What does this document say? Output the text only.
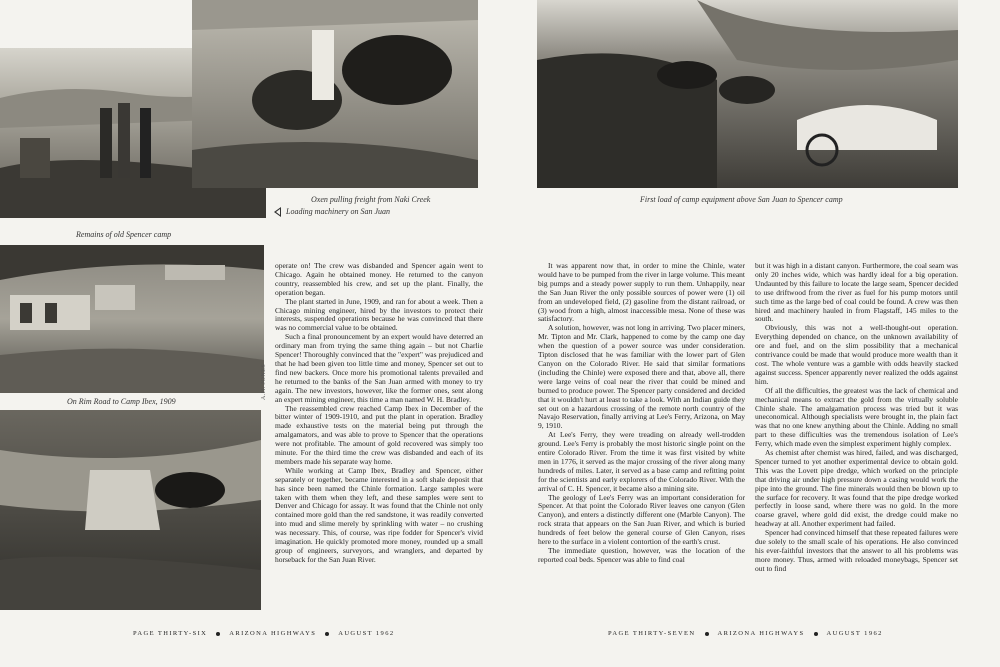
Remains of old Spencer camp
Oxen pulling freight from Naki Creek
Loading machinery on San Juan
First load of camp equipment above San Juan to Spencer camp
On Rim Road to Camp Ibex, 1909
A.H. JONES

operate on! The crew was disbanded and Spencer again went to Chicago. Again he obtained money. He returned to the canyon country, reassembled his crew, and set up the plant. Finally, the operation began.

The plant started in June, 1909, and ran for about a week. Then a Chicago mining engineer, hired by the investors to protect their interests, suspended operations because he was convinced that there was no commercial value to be obtained.

Such a final pronouncement by an expert would have deterred an ordinary man from trying the same thing again – but not Charlie Spencer! Thoroughly convinced that the "expert" was prejudiced and that he had been given too little time and money, Spencer set out to find new backers. Once more his promotional talents prevailed and he returned to the banks of the San Juan armed with money to try again. The new investors, however, like the former ones, sent along an expert mining engineer, this time a man named W. H. Bradley.

The reassembled crew reached Camp Ibex in December of the bitter winter of 1909-1910, and put the plant in operation. Bradley made exhaustive tests on the material being put through the amalgamators, and was able to prove to Spencer that the operations were not profitable. The amount of gold recovered was simply too minute. For the third time the crew was disbanded and each of its members made his separate way home.

While working at Camp Ibex, Bradley and Spencer, either separately or together, became interested in a soft shale deposit that has since been named the Chinle formation. Large samples were taken with them when they left, and these samples were sent to Denver and Chicago for assay. It was found that the Chinle not only contained more gold than the red sandstone, it was readily converted into mud and slime merely by sprinkling with water – no crushing was necessary. This, of course, was ripe fodder for Spencer's vivid imagination. He quickly promoted more money, rounded up a small group of engineers, surveyors, and wranglers, and departed by horseback for the San Juan River.

It was apparent now that, in order to mine the Chinle, water would have to be pumped from the river in large volume. This meant big pumps and a steady power supply to run them. Unhappily, near the San Juan River the only possible sources of power were (1) oil from an undeveloped field, (2) gasoline from the distant railroad, or (3) wood from a high, almost inaccessible mesa. None of these was satisfactory.

A solution, however, was not long in arriving. Two placer miners, Mr. Tipton and Mr. Clark, happened to come by the camp one day when the question of a power source was under consideration. Tipton disclosed that he was familiar with the lower part of Glen Canyon on the Colorado River. He said that similar formations (including the Chinle) were exposed there and that, above all, there were large veins of coal near the river that could be mined and burned to produce power. The Spencer party considered and decided that it wouldn't hurt at least to take a look. With an Indian guide they set out on a hazardous crossing of the remote north country of the Navajo Reservation, finally arriving at Lee's Ferry, Arizona, on May 9, 1910.

At Lee's Ferry, they were treading on already well-trodden ground. Lee's Ferry is probably the most historic single point on the entire Colorado River. From the time it was first visited by white men in 1776, it served as the major crossing of the river along many hundreds of miles. Later, it served as a base camp and refitting point for the scientists and early explorers of the Colorado River. With the arrival of C. H. Spencer, it became also a mining site.

The geology of Lee's Ferry was an important consideration for Spencer. At that point the Colorado River leaves one canyon (Glen Canyon), and enters a distinctly different one (Marble Canyon). The rock strata that appears on the San Juan River, and which is buried hundreds of feet below the general course of Glen Canyon, rises here to the surface in a violent contortion of the earth's crust.

The immediate question, however, was the location of the reported coal beds. Spencer was able to find coal

but it was high in a distant canyon. Furthermore, the coal seam was only 20 inches wide, which was hardly ideal for a big operation. Undaunted by this failure to locate the large seam, Spencer decided to use driftwood from the river as fuel for his pump motors until such time as the large bed of coal could be found. A crew was then hired and machinery hauled in from Flagstaff, 145 miles to the south.

Obviously, this was not a well-thought-out operation. Everything depended on chance, on the unknown availability of ore and fuel, and on the slim possibility that a mechanical contrivance could be made that would produce more wealth than it cost. The whole venture was a gamble with odds heavily stacked against success. Spencer apparently never realized the odds against him.

Of all the difficulties, the greatest was the lack of chemical and mechanical means to extract the gold from the virtually soluble Chinle shale. The amalgamation process was tried but it was uneconomical. Although specialists were brought in, the plain fact was that no one knew anything about the Chinle. Adding no small part to these difficulties was the tremendous isolation of Lee's Ferry, which made even the simplest experiment highly complex.

As chemist after chemist was hired, failed, and was discharged, Spencer turned to yet another experimental device to obtain gold. This was the Lovett pipe dredge, which worked on the principle that driving air under high pressure down a casing would work the pipe into the ground. The fine minerals would then be blown up to the surface for recovery. It was found that the pipe dredge worked perfectly in loose sand, where there was no gold. In the more coarse gravel, where gold did exist, the dredge could make no headway at all. Another experiment had failed.

Spencer had convinced himself that these repeated failures were due solely to the small scale of his operations. He also convinced his ever-faithful investors that the answer to all his problems was more money. Thus, armed with reloaded moneybags, Spencer set out to find

PAGE THIRTY-SIX	ARIZONA HIGHWAYS	AUGUST 1962	PAGE THIRTY-SEVEN	ARIZONA HIGHWAYS	AUGUST 1962
